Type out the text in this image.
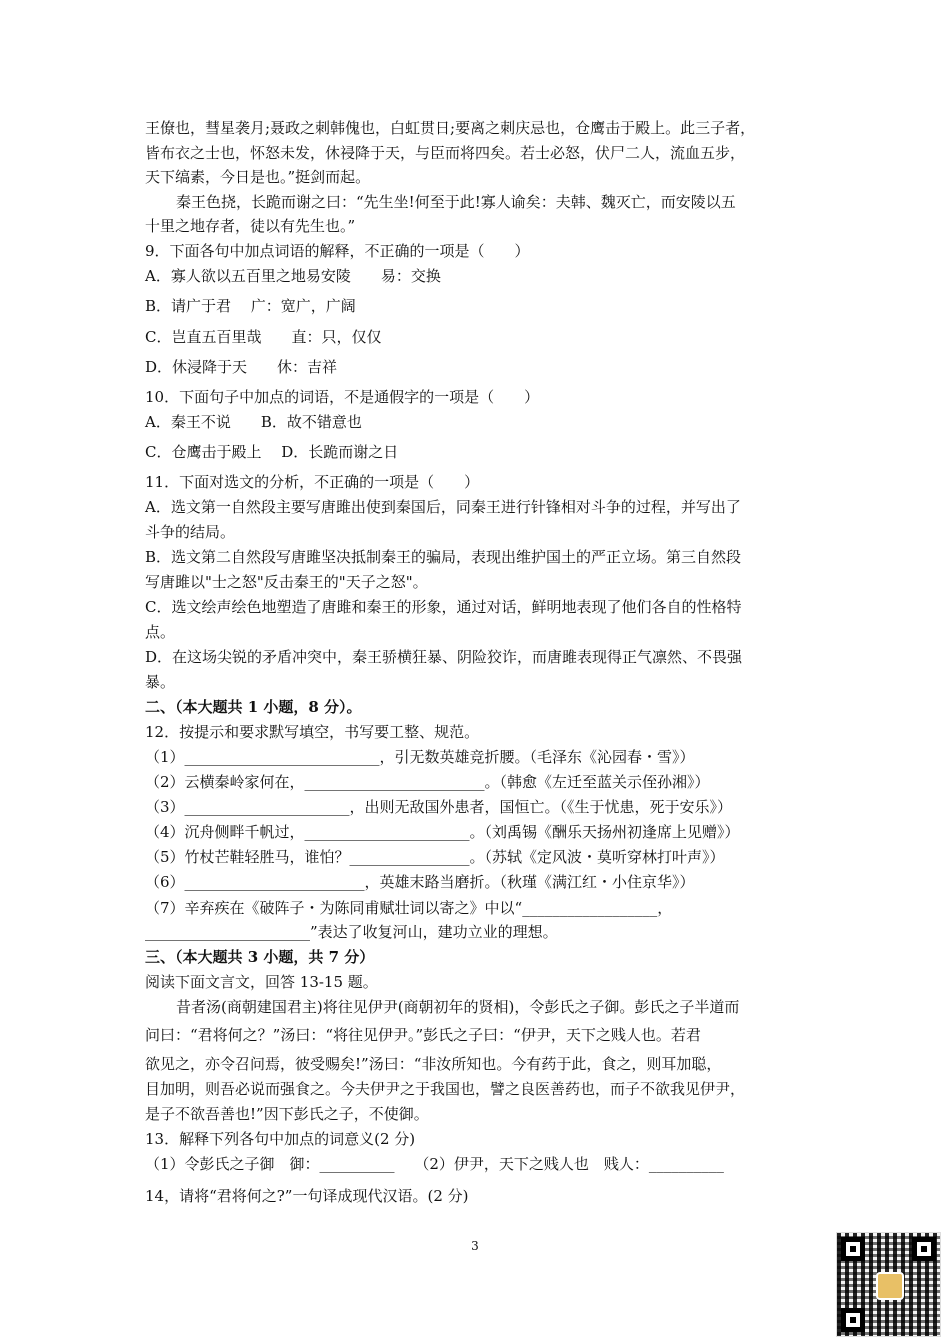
王僚也，彗星袭月;聂政之刺韩傀也，白虹贯日;要离之刺庆忌也，仓鹰击于殿上。此三子者，
皆布衣之士也，怀怒未发，休祲降于天，与臣而将四矣。若士必怒，伏尸二人，流血五步，
天下缟素，今日是也。”挺剑而起。
秦王色挠，长跪而谢之曰：“先生坐!何至于此!寡人谕矣：夫韩、魏灭亡，而安陵以五
十里之地存者，徒以有先生也。”
9．下面各句中加点词语的解释，不正确的一项是（　　）
A．寡人欲以五百里之地易安陵　　易：交换
B．请广于君　 广：宽广，广阔
C．岂直五百里哉　　直：只，仅仅
D．休浸降于天　　休：吉祥
10．下面句子中加点的词语，不是通假字的一项是（　　）
A．秦王不说　　B．故不错意也
C．仓鹰击于殿上　 D．长跪而谢之日
11．下面对选文的分析，不正确的一项是（　　）
A．选文第一自然段主要写唐雎出使到秦国后，同秦王进行针锋相对斗争的过程，并写出了
斗争的结局。
B．选文第二自然段写唐雎坚决抵制秦王的骗局，表现出维护国土的严正立场。第三自然段
写唐雎以"士之怒"反击秦王的"天子之怒"。
C．选文绘声绘色地塑造了唐雎和秦王的形象，通过对话，鲜明地表现了他们各自的性格特
点。
D．在这场尖锐的矛盾冲突中，秦王骄横狂暴、阴险狡诈，而唐雎表现得正气凛然、不畏强
暴。
二、（本大题共 1 小题，8 分）。
12．按提示和要求默写填空，书写要工整、规范。
（1）__________________________，引无数英雄竞折腰。（毛泽东《沁园春・雪》）
（2）云横秦岭家何在，________________________。（韩愈《左迁至蓝关示侄孙湘》）
（3）______________________，出则无敌国外患者，国恒亡。（《生于忧患，死于安乐》）
（4）沉舟侧畔千帆过，______________________。（刘禹锡《酬乐天扬州初逢席上见赠》）
（5）竹杖芒鞋轻胜马，谁怕？________________。（苏轼《定风波・莫听穿林打叶声》）
（6）________________________，英雄末路当磨折。（秋瑾《满江红・小住京华》）
（7）辛弃疾在《破阵子・为陈同甫赋壮词以寄之》中以“__________________，
______________________”表达了收复河山，建功立业的理想。
三、（本大题共 3 小题，共 7 分）
阅读下面文言文，回答 13-15 题。
昔者汤(商朝建国君主)将往见伊尹(商朝初年的贤相)，令彭氏之子御。彭氏之子半道而
问曰：“君将何之？”汤曰：“将往见伊尹。”彭氏之子曰：“伊尹，天下之贱人也。若君
欲见之，亦令召问焉，彼受赐矣!”汤曰：“非汝所知也。今有药于此，食之，则耳加聪，
目加明，则吾必说而强食之。今夫伊尹之于我国也，譬之良医善药也，而子不欲我见伊尹，
是子不欲吾善也!”因下彭氏之子，不使御。
13．解释下列各句中加点的词意义(2 分)
（1）令彭氏之子御　御：__________　 （2）伊尹，天下之贱人也　贱人：__________
14，请将“君将何之?”一句译成现代汉语。(2 分)
3
